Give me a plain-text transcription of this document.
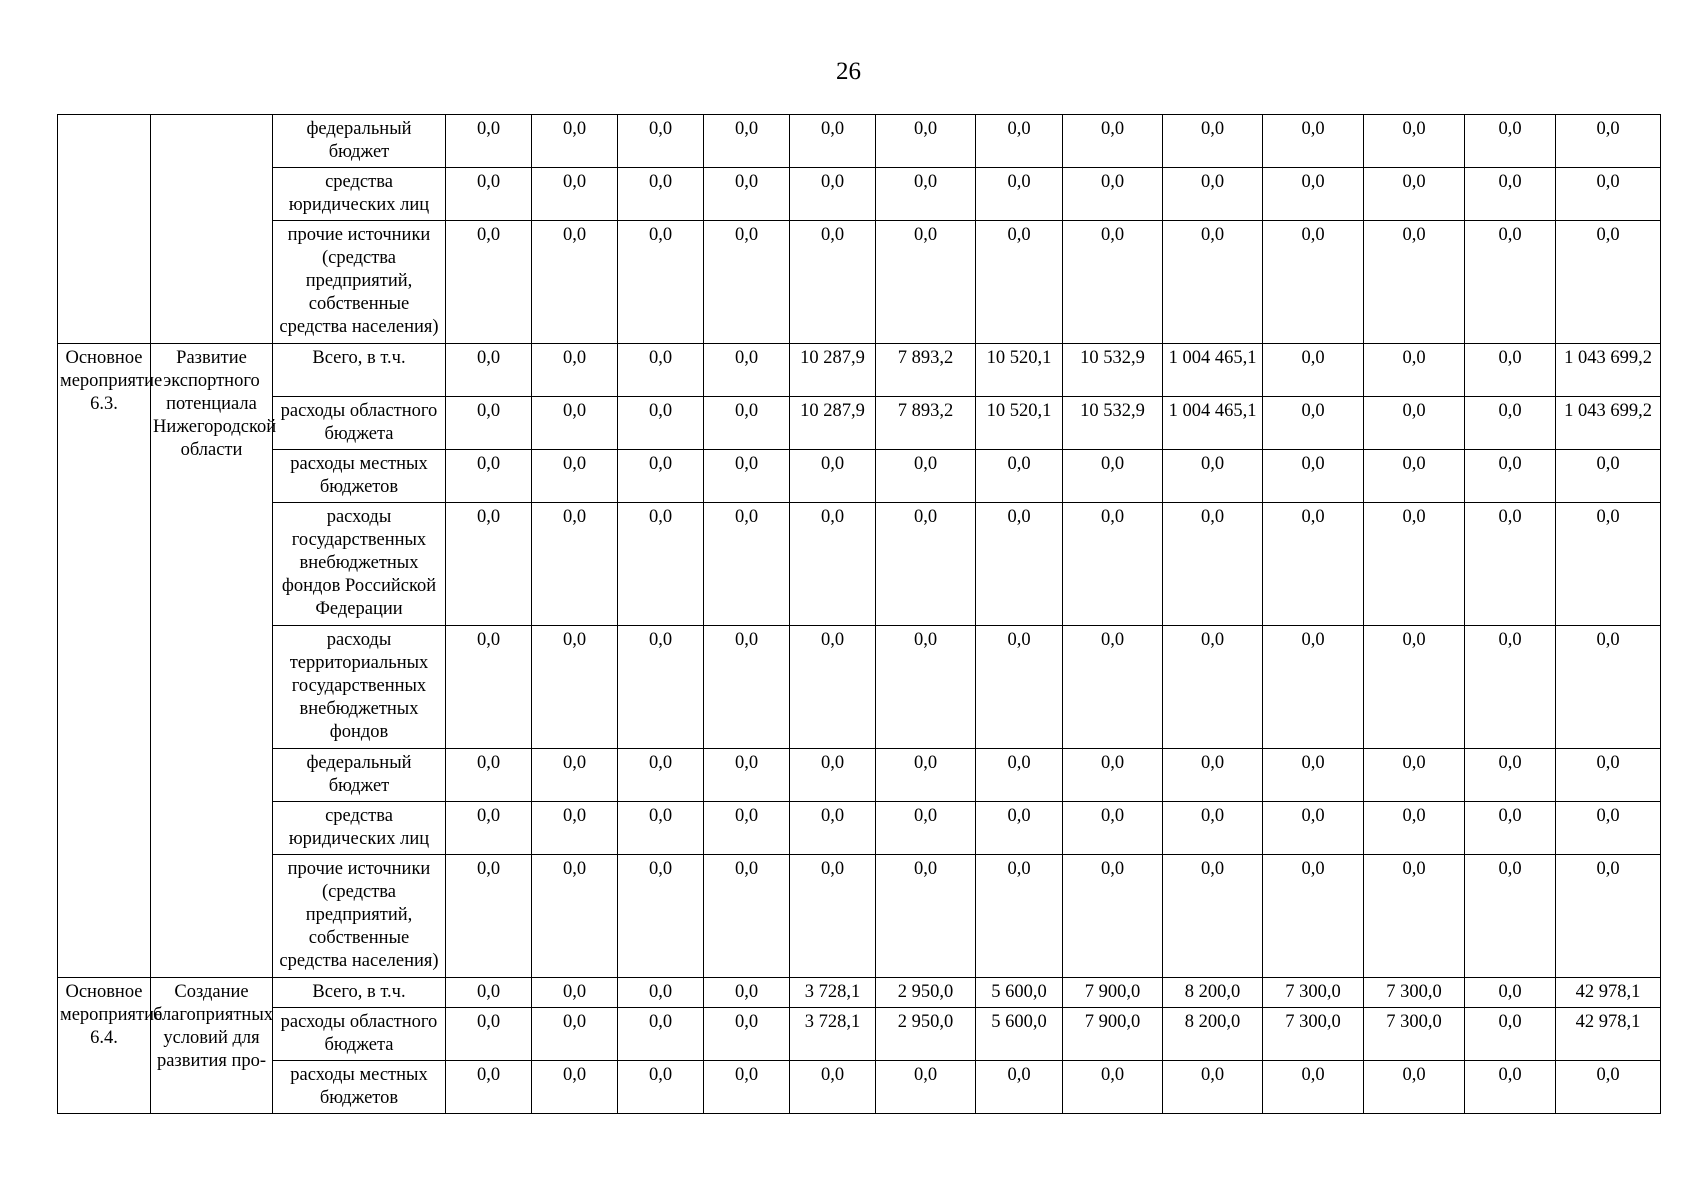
26
		федеральный бюджет	0,0	0,0	0,0	0,0	0,0	0,0	0,0	0,0	0,0	0,0	0,0	0,0	0,0
		средства юридических лиц	0,0	0,0	0,0	0,0	0,0	0,0	0,0	0,0	0,0	0,0	0,0	0,0	0,0
		прочие источники (средства предприятий, собственные средства населения)	0,0	0,0	0,0	0,0	0,0	0,0	0,0	0,0	0,0	0,0	0,0	0,0	0,0
Основное мероприятие 6.3.	Развитие экспортного потенциала Нижегородской области	Всего, в т.ч.	0,0	0,0	0,0	0,0	10 287,9	7 893,2	10 520,1	10 532,9	1 004 465,1	0,0	0,0	0,0	1 043 699,2
		расходы областного бюджета	0,0	0,0	0,0	0,0	10 287,9	7 893,2	10 520,1	10 532,9	1 004 465,1	0,0	0,0	0,0	1 043 699,2
		расходы местных бюджетов	0,0	0,0	0,0	0,0	0,0	0,0	0,0	0,0	0,0	0,0	0,0	0,0	0,0
		расходы государственных внебюджетных фондов Российской Федерации	0,0	0,0	0,0	0,0	0,0	0,0	0,0	0,0	0,0	0,0	0,0	0,0	0,0
		расходы территориальных государственных внебюджетных фондов	0,0	0,0	0,0	0,0	0,0	0,0	0,0	0,0	0,0	0,0	0,0	0,0	0,0
		федеральный бюджет	0,0	0,0	0,0	0,0	0,0	0,0	0,0	0,0	0,0	0,0	0,0	0,0	0,0
		средства юридических лиц	0,0	0,0	0,0	0,0	0,0	0,0	0,0	0,0	0,0	0,0	0,0	0,0	0,0
		прочие источники (средства предприятий, собственные средства населения)	0,0	0,0	0,0	0,0	0,0	0,0	0,0	0,0	0,0	0,0	0,0	0,0	0,0
Основное мероприятие 6.4.	Создание благоприятных условий для развития про-	Всего, в т.ч.	0,0	0,0	0,0	0,0	3 728,1	2 950,0	5 600,0	7 900,0	8 200,0	7 300,0	7 300,0	0,0	42 978,1
		расходы областного бюджета	0,0	0,0	0,0	0,0	3 728,1	2 950,0	5 600,0	7 900,0	8 200,0	7 300,0	7 300,0	0,0	42 978,1
		расходы местных бюджетов	0,0	0,0	0,0	0,0	0,0	0,0	0,0	0,0	0,0	0,0	0,0	0,0	0,0
